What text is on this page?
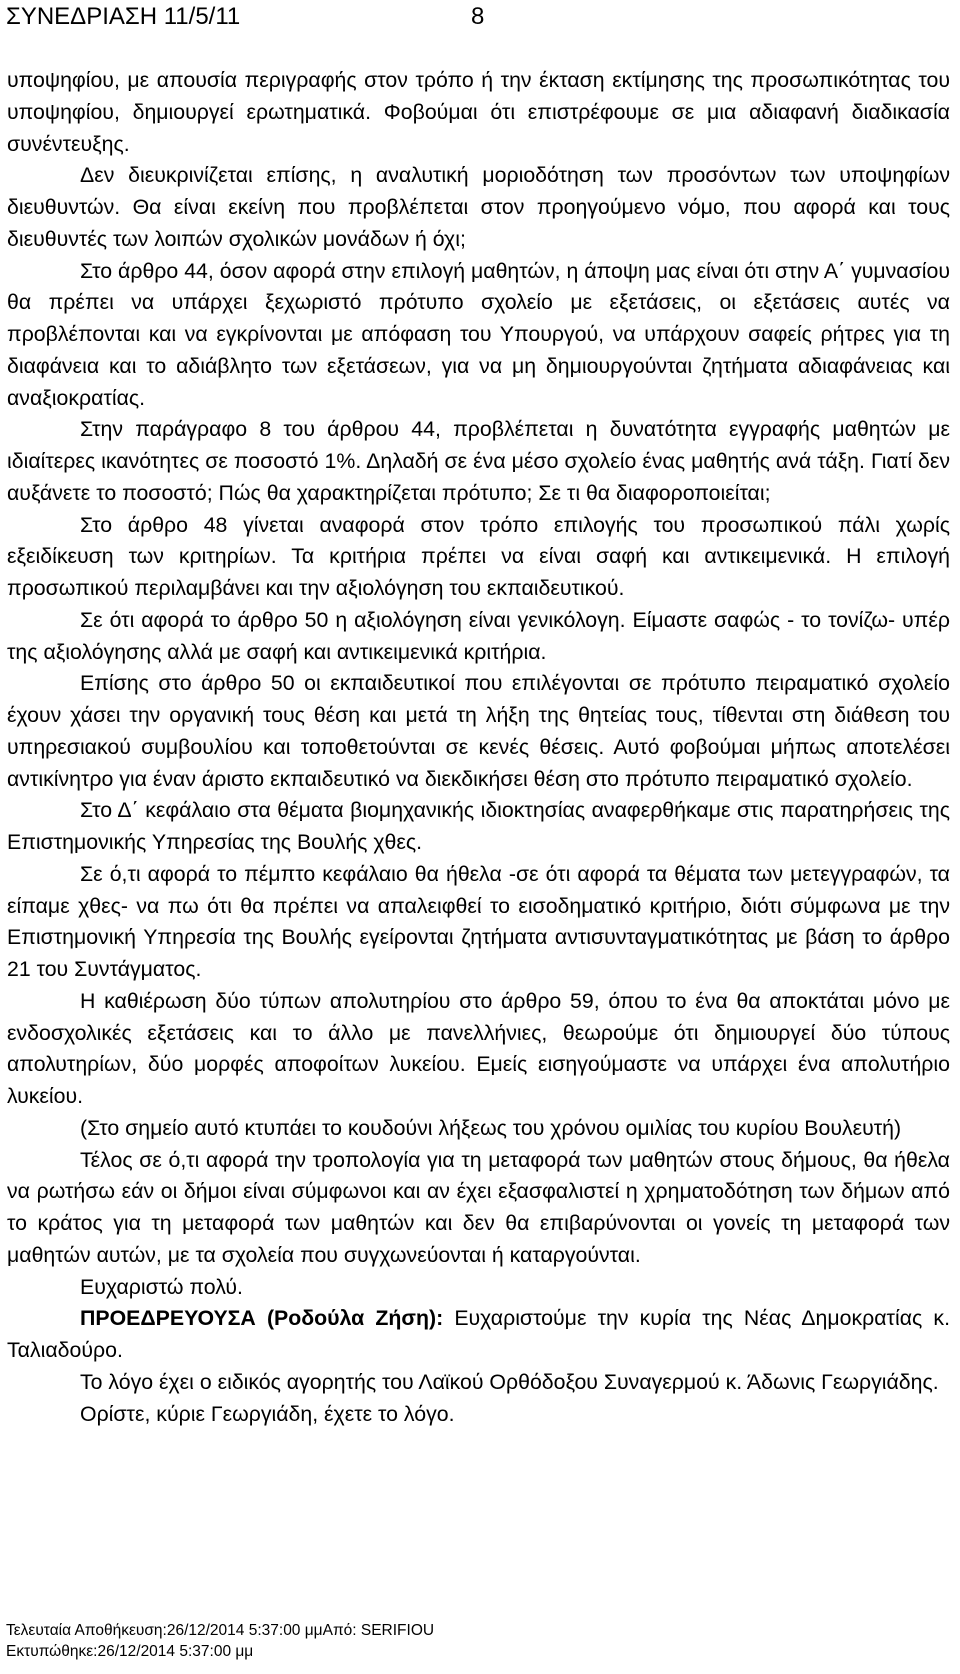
ΣΥΝΕΔΡΙΑΣΗ 11/5/11	8

υποψηφίου, με απουσία περιγραφής στον τρόπο ή την έκταση εκτίμησης της προσωπικότητας του υποψηφίου, δημιουργεί ερωτηματικά. Φοβούμαι ότι επιστρέφουμε σε μια αδιαφανή διαδικασία συνέντευξης.

Δεν διευκρινίζεται επίσης, η αναλυτική μοριοδότηση των προσόντων των υποψηφίων διευθυντών. Θα είναι εκείνη που προβλέπεται στον προηγούμενο νόμο, που αφορά και τους διευθυντές των λοιπών σχολικών μονάδων ή όχι;

Στο άρθρο 44, όσον αφορά στην επιλογή μαθητών, η άποψη μας είναι ότι στην Α΄ γυμνασίου θα πρέπει να υπάρχει ξεχωριστό πρότυπο σχολείο με εξετάσεις, οι εξετάσεις αυτές να προβλέπονται και να εγκρίνονται με απόφαση του Υπουργού, να υπάρχουν σαφείς ρήτρες για τη διαφάνεια και το αδιάβλητο των εξετάσεων, για να μη δημιουργούνται ζητήματα αδιαφάνειας και αναξιοκρατίας.

Στην παράγραφο 8 του άρθρου 44, προβλέπεται η δυνατότητα εγγραφής μαθητών με ιδιαίτερες ικανότητες σε ποσοστό 1%. Δηλαδή σε ένα μέσο σχολείο ένας μαθητής ανά τάξη. Γιατί δεν αυξάνετε το ποσοστό; Πώς θα χαρακτηρίζεται πρότυπο; Σε τι θα διαφοροποιείται;

Στο άρθρο 48 γίνεται αναφορά στον τρόπο επιλογής του προσωπικού πάλι χωρίς εξειδίκευση των κριτηρίων. Τα κριτήρια πρέπει να είναι σαφή και αντικειμενικά. Η επιλογή προσωπικού περιλαμβάνει και την αξιολόγηση του εκπαιδευτικού.

Σε ότι αφορά το άρθρο 50 η αξιολόγηση είναι γενικόλογη. Είμαστε σαφώς - το τονίζω- υπέρ της αξιολόγησης αλλά με σαφή και αντικειμενικά κριτήρια.

Επίσης στο άρθρο 50 οι εκπαιδευτικοί που επιλέγονται σε πρότυπο πειραματικό σχολείο έχουν χάσει την οργανική τους θέση και μετά τη λήξη της θητείας τους, τίθενται στη διάθεση του υπηρεσιακού συμβουλίου και τοποθετούνται σε κενές θέσεις. Αυτό φοβούμαι μήπως αποτελέσει αντικίνητρο για έναν άριστο εκπαιδευτικό να διεκδικήσει θέση στο πρότυπο πειραματικό σχολείο.

Στο Δ΄ κεφάλαιο στα θέματα βιομηχανικής ιδιοκτησίας αναφερθήκαμε στις παρατηρήσεις της Επιστημονικής Υπηρεσίας της Βουλής χθες.

Σε ό,τι αφορά το πέμπτο κεφάλαιο θα ήθελα -σε ότι αφορά τα θέματα των μετεγγραφών, τα είπαμε χθες- να πω ότι θα πρέπει να απαλειφθεί το εισοδηματικό κριτήριο, διότι σύμφωνα με την Επιστημονική Υπηρεσία της Βουλής εγείρονται ζητήματα αντισυνταγματικότητας με βάση το άρθρο 21 του Συντάγματος.

Η καθιέρωση δύο τύπων απολυτηρίου στο άρθρο 59, όπου το ένα θα αποκτάται μόνο με ενδοσχολικές εξετάσεις και το άλλο με πανελλήνιες, θεωρούμε ότι δημιουργεί δύο τύπους απολυτηρίων, δύο μορφές αποφοίτων λυκείου. Εμείς εισηγούμαστε να υπάρχει ένα απολυτήριο λυκείου.

(Στο σημείο αυτό κτυπάει το κουδούνι λήξεως του χρόνου ομιλίας του κυρίου Βουλευτή)

Τέλος σε ό,τι αφορά την τροπολογία για τη μεταφορά των μαθητών στους δήμους, θα ήθελα να ρωτήσω εάν οι δήμοι είναι σύμφωνοι και αν έχει εξασφαλιστεί η χρηματοδότηση των δήμων από το κράτος για τη μεταφορά των μαθητών και δεν θα επιβαρύνονται οι γονείς τη μεταφορά των μαθητών αυτών, με τα σχολεία που συγχωνεύονται ή καταργούνται.

Ευχαριστώ πολύ.

ΠΡΟΕΔΡΕΥΟΥΣΑ (Ροδούλα Ζήση): Ευχαριστούμε την κυρία της Νέας Δημοκρατίας κ. Ταλιαδούρο.

Το λόγο έχει ο ειδικός αγορητής του Λαϊκού Ορθόδοξου Συναγερμού κ. Άδωνις Γεωργιάδης.

Ορίστε, κύριε Γεωργιάδη, έχετε το λόγο.

Τελευταία Αποθήκευση:26/12/2014 5:37:00 μμΑπό: SERIFIOU
Εκτυπώθηκε:26/12/2014 5:37:00 μμ
